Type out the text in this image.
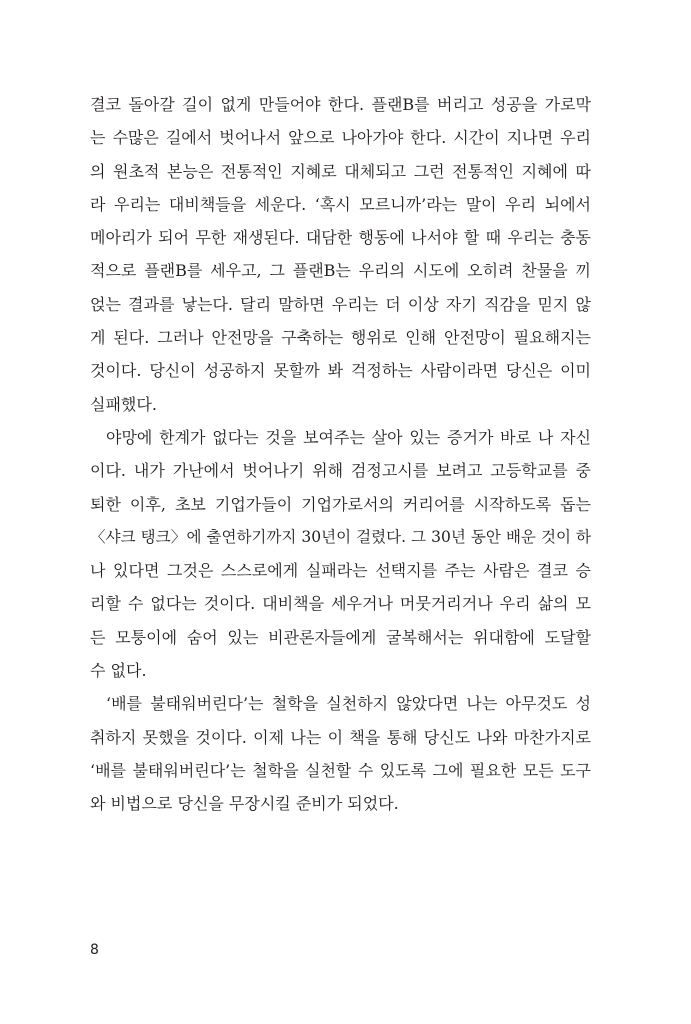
결코 돌아갈 길이 없게 만들어야 한다. 플랜B를 버리고 성공을 가로막
는 수많은 길에서 벗어나서 앞으로 나아가야 한다. 시간이 지나면 우리
의 원초적 본능은 전통적인 지혜로 대체되고 그런 전통적인 지혜에 따
라 우리는 대비책들을 세운다. ‘혹시 모르니까’라는 말이 우리 뇌에서
메아리가 되어 무한 재생된다. 대담한 행동에 나서야 할 때 우리는 충동
적으로 플랜B를 세우고, 그 플랜B는 우리의 시도에 오히려 찬물을 끼
얹는 결과를 낳는다. 달리 말하면 우리는 더 이상 자기 직감을 믿지 않
게 된다. 그러나 안전망을 구축하는 행위로 인해 안전망이 필요해지는
것이다. 당신이 성공하지 못할까 봐 걱정하는 사람이라면 당신은 이미
실패했다.
야망에 한계가 없다는 것을 보여주는 살아 있는 증거가 바로 나 자신
이다. 내가 가난에서 벗어나기 위해 검정고시를 보려고 고등학교를 중
퇴한 이후, 초보 기업가들이 기업가로서의 커리어를 시작하도록 돕는
〈샤크 탱크〉에 출연하기까지 30년이 걸렸다. 그 30년 동안 배운 것이 하
나 있다면 그것은 스스로에게 실패라는 선택지를 주는 사람은 결코 승
리할 수 없다는 것이다. 대비책을 세우거나 머뭇거리거나 우리 삶의 모
든 모퉁이에 숨어 있는 비관론자들에게 굴복해서는 위대함에 도달할
수 없다.
‘배를 불태워버린다’는 철학을 실천하지 않았다면 나는 아무것도 성
취하지 못했을 것이다. 이제 나는 이 책을 통해 당신도 나와 마찬가지로
‘배를 불태워버린다’는 철학을 실천할 수 있도록 그에 필요한 모든 도구
와 비법으로 당신을 무장시킬 준비가 되었다.
8
